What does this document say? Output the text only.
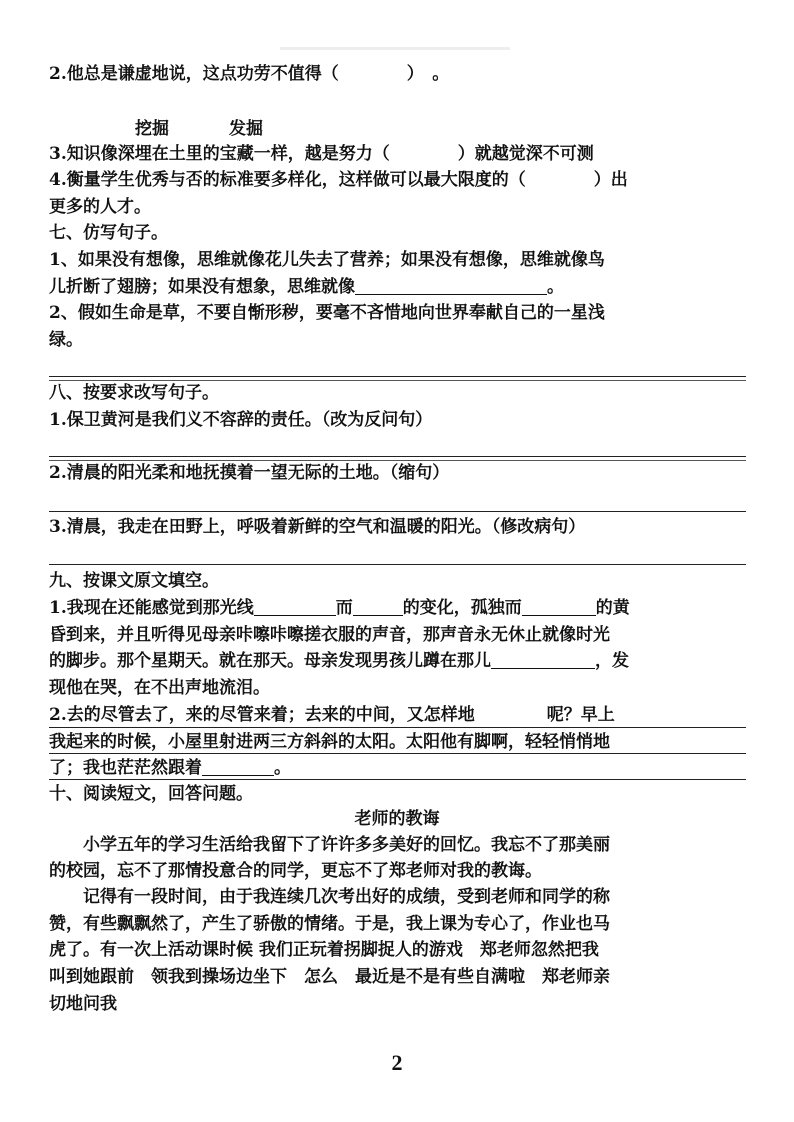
2.他总是谦虚地说，这点功劳不值得（　　　　）　。
挖掘	发掘
3.知识像深埋在土里的宝藏一样，越是努力（	）就越觉深不可测
4.衡量学生优秀与否的标准要多样化，这样做可以最大限度的（	）出
更多的人才。
七、仿写句子。
1、如果没有想像，思维就像花儿失去了营养；如果没有想像，思维就像鸟
儿折断了翅膀；如果没有想象，思维就像	。
2、假如生命是草，不要自惭形秽，要毫不吝惜地向世界奉献自己的一星浅
绿。
八、按要求改写句子。
1.保卫黄河是我们义不容辞的责任。（改为反问句）
2.清晨的阳光柔和地抚摸着一望无际的土地。（缩句）
3.清晨，我走在田野上，呼吸着新鲜的空气和温暖的阳光。（修改病句）
九、按课文原文填空。
1.我现在还能感觉到那光线	而	的变化，孤独而	的黄
昏到来，并且听得见母亲咔嚓咔嚓搓衣服的声音，那声音永无休止就像时光
的脚步。那个星期天。就在那天。母亲发现男孩儿蹲在那儿	，发
现他在哭，在不出声地流泪。
2.去的尽管去了，来的尽管来着；去来的中间，又怎样地	呢？早上
我起来的时候，小屋里射进两三方斜斜的太阳。太阳他有脚啊，轻轻悄悄地
了；我也茫茫然跟着	。
十、阅读短文，回答问题。
老师的教诲
小学五年的学习生活给我留下了许许多多美好的回忆。我忘不了那美丽
的校园，忘不了那情投意合的同学，更忘不了郑老师对我的教诲。
记得有一段时间，由于我连续几次考出好的成绩，受到老师和同学的称
赞，有些飘飘然了，产生了骄傲的情绪。于是，我上课为专心了，作业也马
虎了。有一次上活动课时候 我们正玩着拐脚捉人的游戏　郑老师忽然把我
叫到她跟前　领我到操场边坐下　怎么　最近是不是有些自满啦　郑老师亲
切地问我
2
